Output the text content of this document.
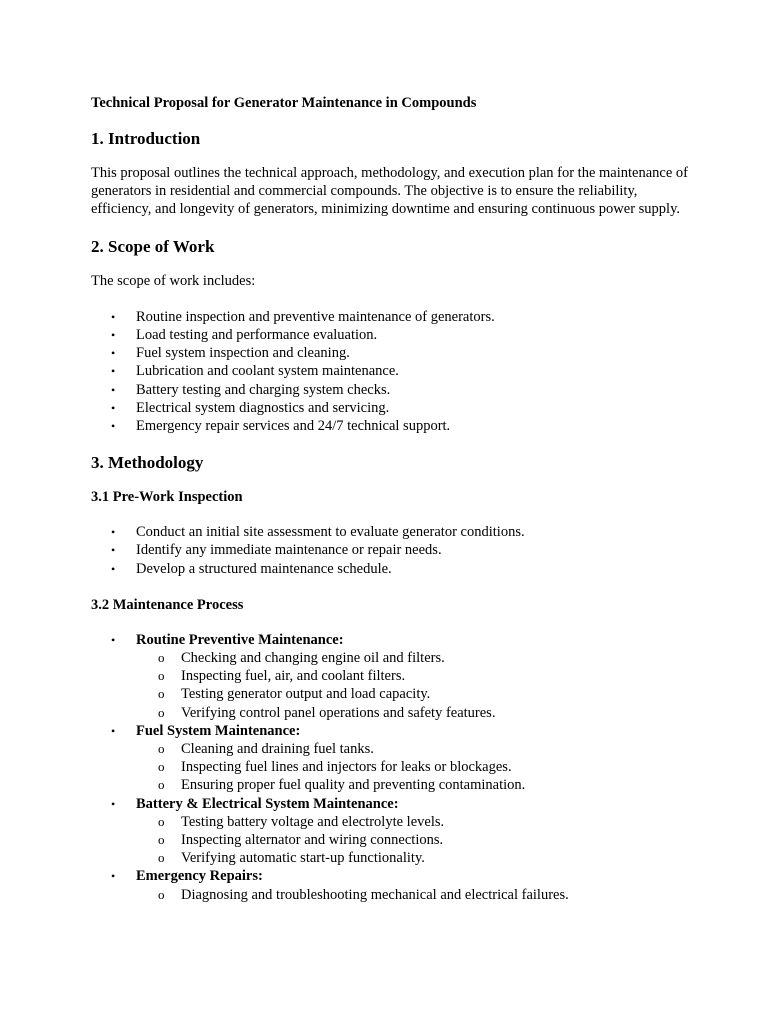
Technical Proposal for Generator Maintenance in Compounds
1. Introduction

This proposal outlines the technical approach, methodology, and execution plan for the maintenance of generators in residential and commercial compounds. The objective is to ensure the reliability, efficiency, and longevity of generators, minimizing downtime and ensuring continuous power supply.

2. Scope of Work

The scope of work includes:

• Routine inspection and preventive maintenance of generators.
• Load testing and performance evaluation.
• Fuel system inspection and cleaning.
• Lubrication and coolant system maintenance.
• Battery testing and charging system checks.
• Electrical system diagnostics and servicing.
• Emergency repair services and 24/7 technical support.
3. Methodology
3.1 Pre-Work Inspection
• Conduct an initial site assessment to evaluate generator conditions.
• Identify any immediate maintenance or repair needs.
• Develop a structured maintenance schedule.
3.2 Maintenance Process
• Routine Preventive Maintenance:
o Checking and changing engine oil and filters.
o Inspecting fuel, air, and coolant filters.
o Testing generator output and load capacity.
o Verifying control panel operations and safety features.
• Fuel System Maintenance:
o Cleaning and draining fuel tanks.
o Inspecting fuel lines and injectors for leaks or blockages.
o Ensuring proper fuel quality and preventing contamination.
• Battery & Electrical System Maintenance:
o Testing battery voltage and electrolyte levels.
o Inspecting alternator and wiring connections.
o Verifying automatic start-up functionality.
• Emergency Repairs:
o Diagnosing and troubleshooting mechanical and electrical failures.
